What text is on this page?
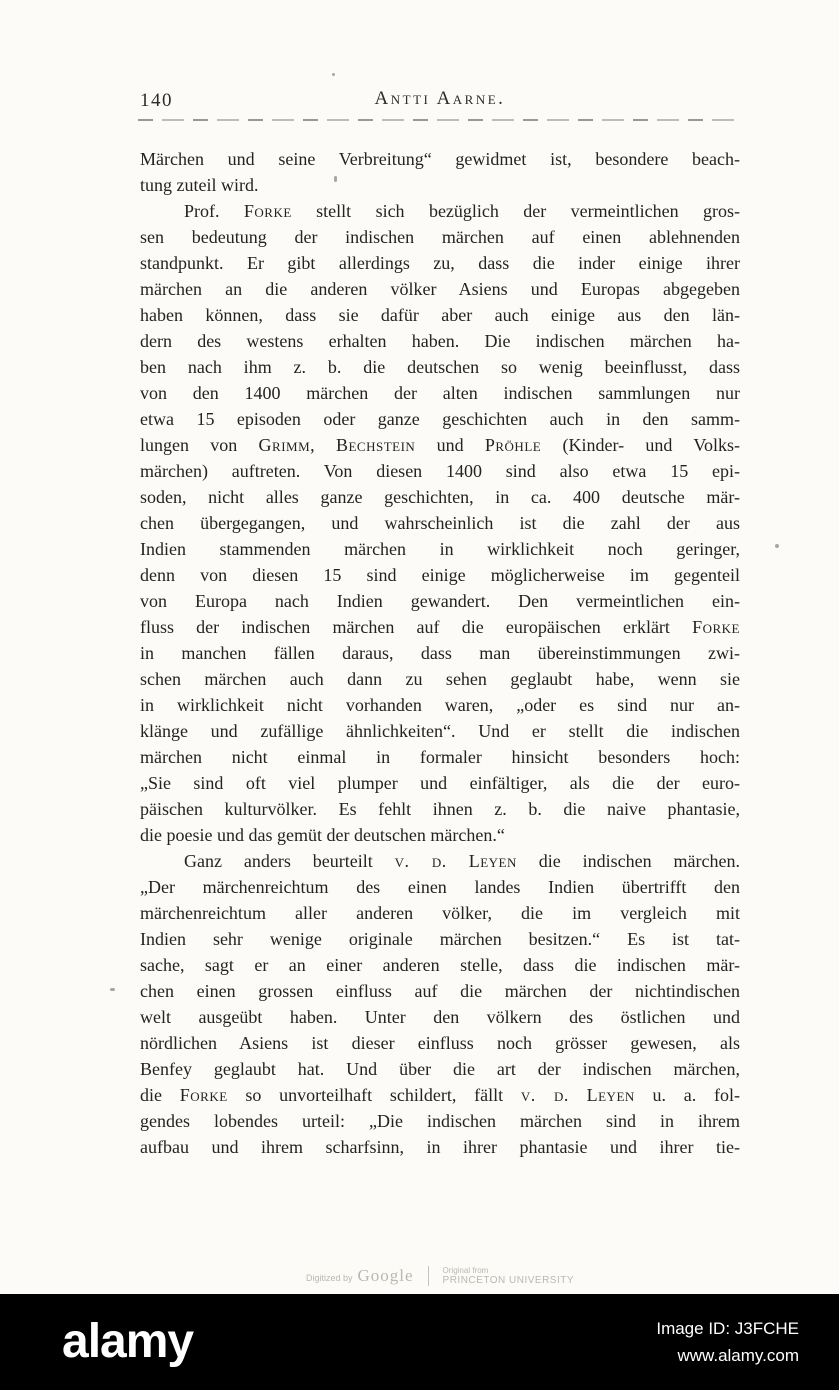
140	Antti Aarne.
Märchen und seine Verbreitung“ gewidmet ist, besondere beach-
tung zuteil wird.
Prof. Forke stellt sich bezüglich der vermeintlichen gros-
sen bedeutung der indischen märchen auf einen ablehnenden
standpunkt. Er gibt allerdings zu, dass die inder einige ihrer
märchen an die anderen völker Asiens und Europas abgegeben
haben können, dass sie dafür aber auch einige aus den län-
dern des westens erhalten haben. Die indischen märchen ha-
ben nach ihm z. b. die deutschen so wenig beeinflusst, dass
von den 1400 märchen der alten indischen sammlungen nur
etwa 15 episoden oder ganze geschichten auch in den samm-
lungen von Grimm, Bechstein und Pröhle (Kinder- und Volks-
märchen) auftreten. Von diesen 1400 sind also etwa 15 epi-
soden, nicht alles ganze geschichten, in ca. 400 deutsche mär-
chen übergegangen, und wahrscheinlich ist die zahl der aus
Indien stammenden märchen in wirklichkeit noch geringer,
denn von diesen 15 sind einige möglicherweise im gegenteil
von Europa nach Indien gewandert. Den vermeintlichen ein-
fluss der indischen märchen auf die europäischen erklärt Forke
in manchen fällen daraus, dass man übereinstimmungen zwi-
schen märchen auch dann zu sehen geglaubt habe, wenn sie
in wirklichkeit nicht vorhanden waren, „oder es sind nur an-
klänge und zufällige ähnlichkeiten“. Und er stellt die indischen
märchen nicht einmal in formaler hinsicht besonders hoch:
„Sie sind oft viel plumper und einfältiger, als die der euro-
päischen kulturvölker. Es fehlt ihnen z. b. die naive phantasie,
die poesie und das gemüt der deutschen märchen.“
Ganz anders beurteilt v. d. Leyen die indischen märchen.
„Der märchenreichtum des einen landes Indien übertrifft den
märchenreichtum aller anderen völker, die im vergleich mit
Indien sehr wenige originale märchen besitzen.“ Es ist tat-
sache, sagt er an einer anderen stelle, dass die indischen mär-
chen einen grossen einfluss auf die märchen der nichtindischen
welt ausgeübt haben. Unter den völkern des östlichen und
nördlichen Asiens ist dieser einfluss noch grösser gewesen, als
Benfey geglaubt hat. Und über die art der indischen märchen,
die Forke so unvorteilhaft schildert, fällt v. d. Leyen u. a. fol-
gendes lobendes urteil: „Die indischen märchen sind in ihrem
aufbau und ihrem scharfsinn, in ihrer phantasie und ihrer tie-
Digitized by Google	Original from
PRINCETON UNIVERSITY
alamy	Image ID: J3FCHE
www.alamy.com
